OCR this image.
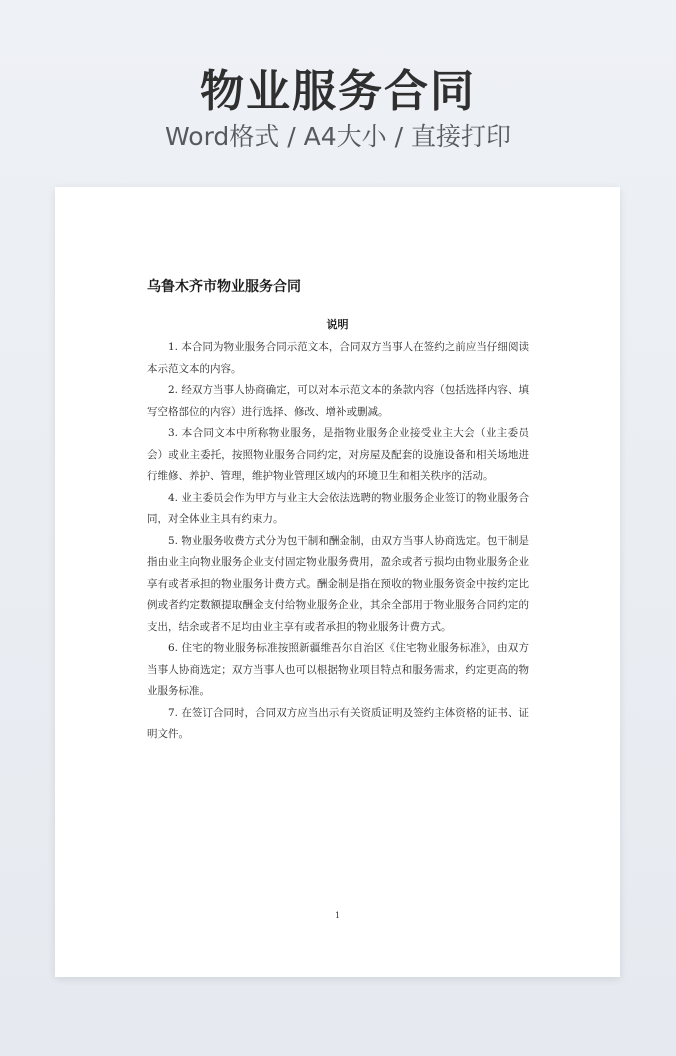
物业服务合同
Word格式 / A4大小 / 直接打印
乌鲁木齐市物业服务合同
说明

1. 本合同为物业服务合同示范文本，合同双方当事人在签约之前应当仔细阅读本示范文本的内容。

2. 经双方当事人协商确定，可以对本示范文本的条款内容（包括选择内容、填写空格部位的内容）进行选择、修改、增补或删减。

3. 本合同文本中所称物业服务，是指物业服务企业接受业主大会（业主委员会）或业主委托，按照物业服务合同约定，对房屋及配套的设施设备和相关场地进行维修、养护、管理，维护物业管理区域内的环境卫生和相关秩序的活动。

4. 业主委员会作为甲方与业主大会依法选聘的物业服务企业签订的物业服务合同，对全体业主具有约束力。

5. 物业服务收费方式分为包干制和酬金制，由双方当事人协商选定。包干制是指由业主向物业服务企业支付固定物业服务费用，盈余或者亏损均由物业服务企业享有或者承担的物业服务计费方式。酬金制是指在预收的物业服务资金中按约定比例或者约定数额提取酬金支付给物业服务企业，其余全部用于物业服务合同约定的支出，结余或者不足均由业主享有或者承担的物业服务计费方式。

6. 住宅的物业服务标准按照新疆维吾尔自治区《住宅物业服务标准》，由双方当事人协商选定；双方当事人也可以根据物业项目特点和服务需求，约定更高的物业服务标准。

7. 在签订合同时，合同双方应当出示有关资质证明及签约主体资格的证书、证明文件。

1
